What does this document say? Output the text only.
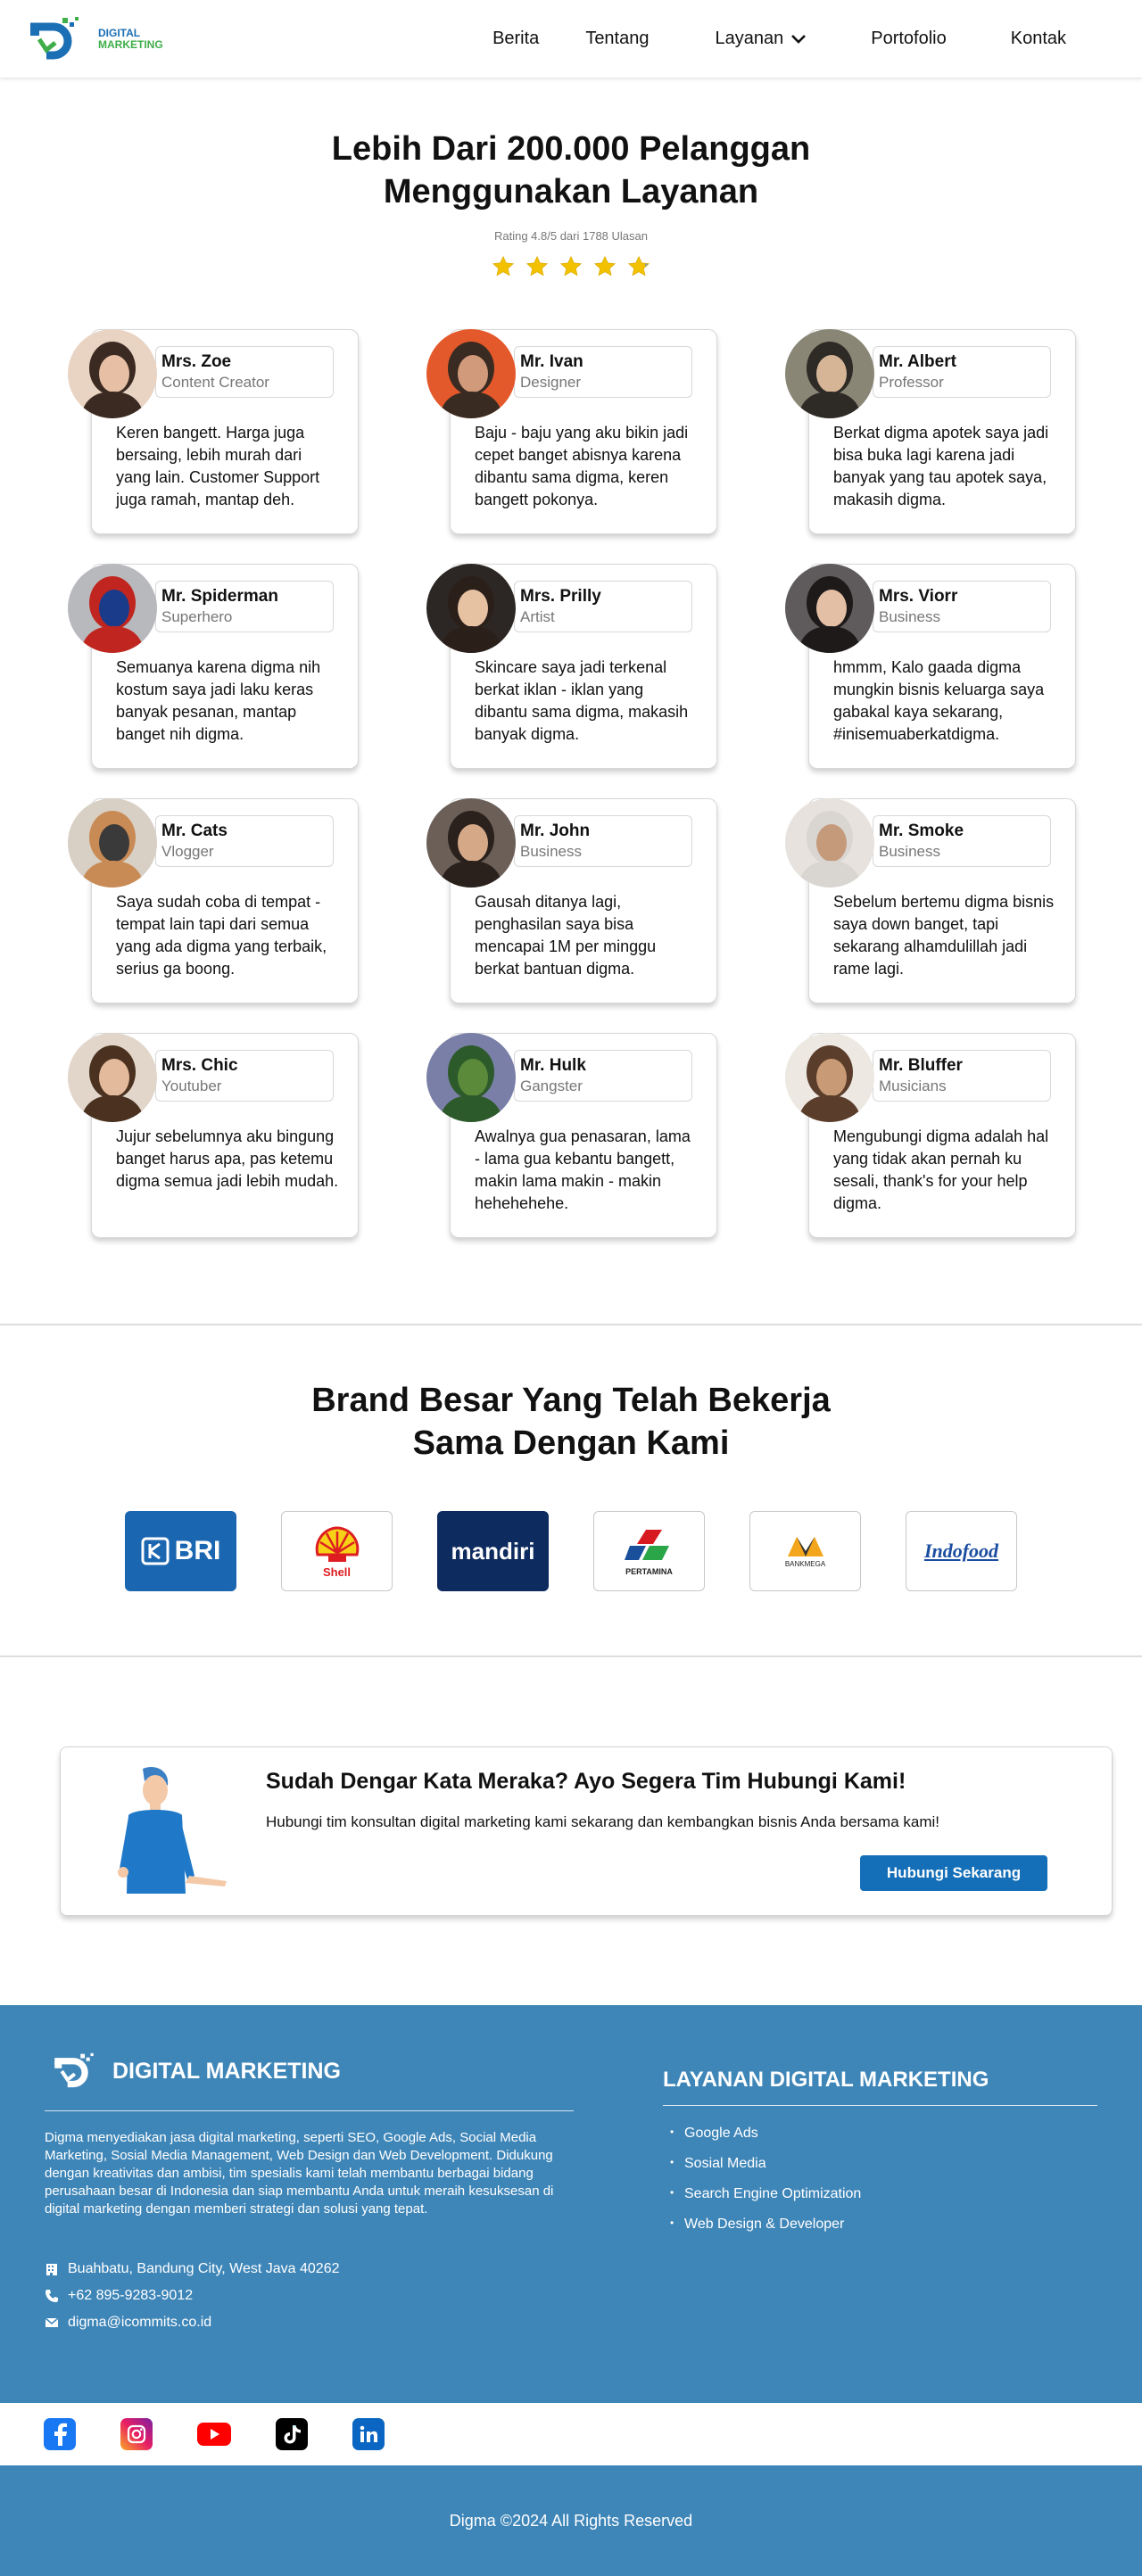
DIGITAL
MARKETING	Berita	Tentang	Layanan	Portofolio	Kontak
Lebih Dari 200.000 Pelanggan
Menggunakan Layanan
Rating 4.8/5 dari 1788 Ulasan
Mrs. Zoe
Content Creator

Keren bangett. Harga juga bersaing, lebih murah dari yang lain. Customer Support juga ramah, mantap deh.

Mr. Ivan
Designer

Baju - baju yang aku bikin jadi cepet banget abisnya karena dibantu sama digma, keren bangett pokonya.

Mr. Albert
Professor

Berkat digma apotek saya jadi bisa buka lagi karena jadi banyak yang tau apotek saya, makasih digma.

Mr. Spiderman
Superhero

Semuanya karena digma nih kostum saya jadi laku keras banyak pesanan, mantap banget nih digma.

Mrs. Prilly
Artist

Skincare saya jadi terkenal berkat iklan - iklan yang dibantu sama digma, makasih banyak digma.

Mrs. Viorr
Business

hmmm, Kalo gaada digma mungkin bisnis keluarga saya gabakal kaya sekarang, #inisemuaberkatdigma.

Mr. Cats
Vlogger

Saya sudah coba di tempat - tempat lain tapi dari semua yang ada digma yang terbaik, serius ga boong.

Mr. John
Business

Gausah ditanya lagi, penghasilan saya bisa mencapai 1M per minggu berkat bantuan digma.

Mr. Smoke
Business

Sebelum bertemu digma bisnis saya down banget, tapi sekarang alhamdulillah jadi rame lagi.

Mrs. Chic
Youtuber

Jujur sebelumnya aku bingung banget harus apa, pas ketemu digma semua jadi lebih mudah.

Mr. Hulk
Gangster

Awalnya gua penasaran, lama - lama gua kebantu bangett, makin lama makin - makin hehehehehe.

Mr. Bluffer
Musicians

Mengubungi digma adalah hal yang tidak akan pernah ku sesali, thank's for your help digma.

Brand Besar Yang Telah Bekerja
Sama Dengan Kami
BRI
Shell
mandiri
PERTAMINA
BANKMEGA
Indofood
Sudah Dengar Kata Meraka? Ayo Segera Tim Hubungi Kami!
Hubungi tim konsultan digital marketing kami sekarang dan kembangkan bisnis Anda bersama kami!
Hubungi Sekarang
DIGITAL MARKETING

Digma menyediakan jasa digital marketing, seperti SEO, Google Ads, Social Media Marketing, Sosial Media Management, Web Design dan Web Development. Didukung dengan kreativitas dan ambisi, tim spesialis kami telah membantu berbagai bidang perusahaan besar di Indonesia dan siap membantu Anda untuk meraih kesuksesan di digital marketing dengan memberi strategi dan solusi yang tepat.

Buahbatu, Bandung City, West Java 40262
+62 895-9283-9012
digma@icommits.co.id
LAYANAN DIGITAL MARKETING
• Google Ads
• Sosial Media
• Search Engine Optimization
• Web Design & Developer
Digma ©2024 All Rights Reserved
